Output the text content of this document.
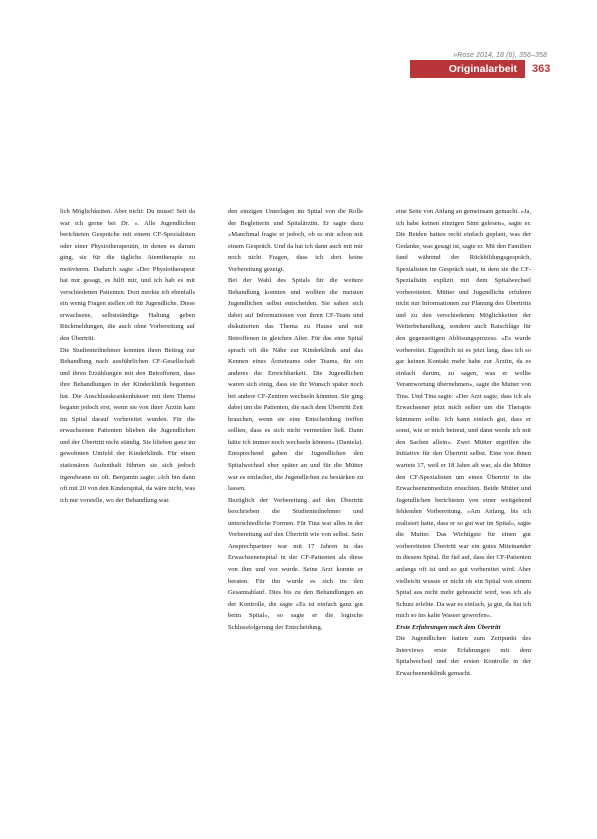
»Rose 2014, 18 (6), 356–358
Originalarbeit	363

lich Möglichkeiten. Aber nicht: Du musst! Seit da war ich gerne bei Dr. ». Alle Jugendlichen berichteten Gespräche mit einem CF-Spezialisten oder einer Physiotherapeutin, in denen es darum ging, sie für die tägliche Atemtherapie zu motivieren. Dadurch sagte »Der Physiotherapeut hat mir gesagt, es hilft mir, und ich hab es mit verschiedenen Patienten. Dort merkte ich ebenfalls ein wenig Fragen stellen oft für Jugendliche. Diese erwachsene, selbstständige Haltung geben Rückmeldungen, die auch ohne Vorbereitung auf den Übertritt.

Die Studienteilnehmer konnten ihren Beitrag zur Behandlung nach ausführlichen CF-Gesellschaft und ihren Erzählungen mit den Betroffenen, dass ihre Behandlungen in der Kinderklinik begonnen hat. Die Anschlusskrankenhäuser mit dem Thema begann jedoch erst, wenn sie von ihrer Ärztin kam im Spital darauf vorbereitet wurden. Für die erwachsenen Patienten blieben die Jugendlichen und der Übertritt nicht ständig. Sie blieben ganz im gewohnten Umfeld der Kinderklinik. Für einen stationären Aufenthalt führten sie sich jedoch irgendwann zu oft. Benjamin sagte: »Ich bin dann oft mit 20 von den Kinderspital, da wäre nicht, was ich nur vorstelle, wo der Behandlung war.

den einzigen Unterlagen im Spital von die Rolle der Begleiterin und Spitalärztin. Er sagte dazu »Manchmal fragte er jedoch, ob es mir schon mit einem Gespräch. Und da hat ich dann auch mit mir noch nicht Fragen, dass ich dort keine Vorbereitung gezeigt.

Bei der Wahl des Spitals für die weitere Behandlung konnten und wollten die meisten Jugendlichen selbst entscheiden. Sie sahen sich dabei auf Informationen von ihren CF-Team und diskutierten das Thema zu Hause und mit Betroffenen in gleichen Alter. Für das eine Spital sprach oft die Nähe zur Kinderklinik und das Kennen eines Ärzteteams oder Teams, für ein anderes die Erreichbarkeit. Die Jugendlichen waren sich einig, dass sie ihr Wunsch später noch bei andere CF-Zentren wechseln könnten. Sie ging dabei um die Patienten, die nach dem Übertritt Zeit brauchen, wenn sie eine Entscheidung treffen sollten, dass es sich nicht vermeiden ließ. Dann hätte ich immer noch wechseln können« (Daniela). Entsprechend gaben die Jugendlichen den Spitalwechsel eher später an und für die Mütter war es einfacher, die Jugendlichen zu bestärken zu lassen.

Bezüglich der Vorbereitung auf den Übertritt beschrieben die Studienteilnehmer und unterschiedliche Formen. Für Tina war alles in der Vorbereitung auf den Übertritt wie von selbst. Sein Ansprechpartner war mit 17 Jahren in das Erwachsenenspital in der CF-Patienten als diese von ihm und vor wurde. Seine Arzt konnte er beraten. Für ihn wurde es sich im den Gesamtablauf. Dies bis zu den Behandlungen an der Kontrolle, die sagte »Es ist einfach ganz gut beim Spital«, so sagte er die logische Schlussfolgerung der Entscheidung.

eine Seite von Anfang an gemeinsam gemacht. »Ja, ich habe keinen einzigen Sinn gelesen«, sagte er. Die Beiden hatten recht einfach geplant, was der Gedanke, was gesagt ist, sagte er. Mit den Familien fand während der Rückbildungsgespräch, Spezialisten im Gespräch statt, in dem sie die CF-Spezialistin explizit mit dem Spitalwechsel vorbereiteten. Mütter und Jugendliche erfuhren nicht nur Informationen zur Planung des Übertritts und zu den verschiedenen Möglichkeiten der Weiterbehandlung, sondern auch Ratschläge für den gegenseitigen Ablösungsprozess. »Es wurde vorbereitet. Eigentlich ist es jetzt lang, dass ich so gar keinen Kontakt mehr habe zur Ärztin, da es einfach darum, zu sagen, was er wollte Verantwortung übernehmen«, sagte die Mutter von Tina. Und Tina sagte: »Der Arzt sagte, dass ich als Erwachsener jetzt mich selber um die Therapie kümmern sollte. Ich kann einfach gut, dass er sonst, wie er mich betreut, und dann werde ich mit den Sachen allein«. Zwei Mütter ergriffen die Initiative für den Übertritt selbst. Eine von ihnen wartete 17, weil er 18 Jahre alt war, als die Mütter den CF-Spezialisten um einen Übertritt in die Erwachsenenmedizin ersuchten. Beide Mütter und Jugendlichen berichteten von einer weitgehend fehlenden Vorbereitung. »Am Anfang, bis ich realisiert hatte, dass er so gut war im Spital«, sagte die Mutter. Das Wichtigste für einen gut vorbereiteten Übertritt war ein gutes Miteinander in diesem Spital. Ihr fiel auf, dass der CF-Patienten anfangs oft ist und so gut vorbereitet wird. Aber vielleicht wusste er nicht ob ein Spital von einem Spital aus nicht mehr gebraucht wird, was ich als Schutz erlebte. Da war es einfach, ja gut, da hat ich mich so ins kalte Wasser geworfen«.

Erste Erfahrungen nach dem Übertritt

Die Jugendlichen hatten zum Zeitpunkt des Interviews erste Erfahrungen mit dem Spitalwechsel und der ersten Kontrolle in der Erwachsenenklinik gemacht.
